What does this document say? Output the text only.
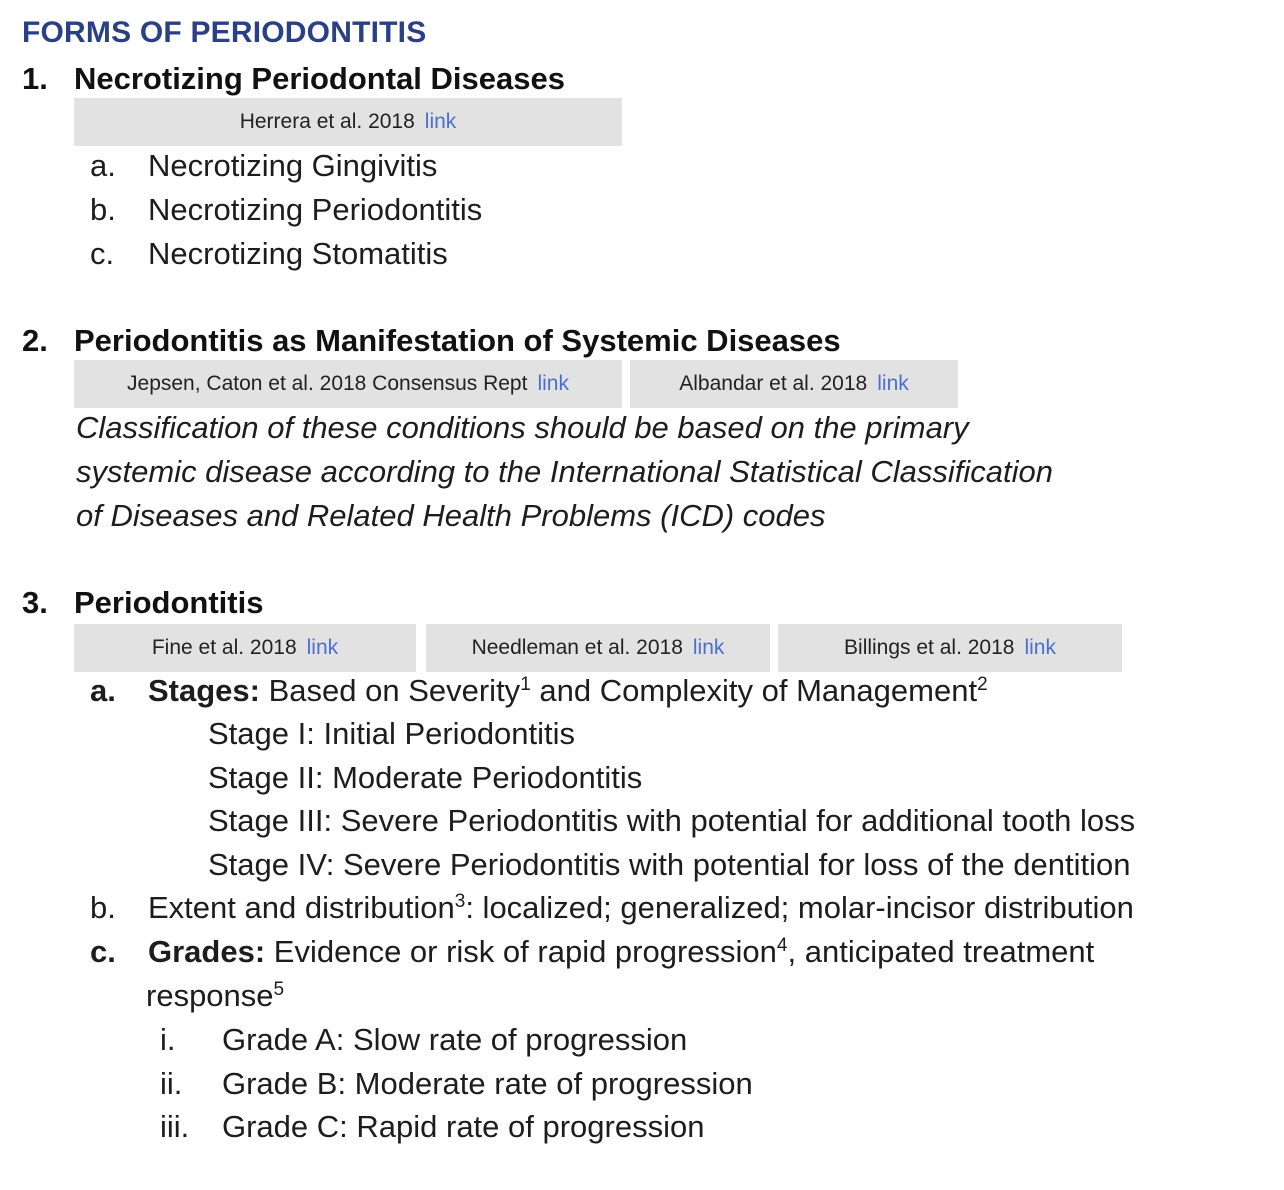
FORMS OF PERIODONTITIS
1. Necrotizing Periodontal Diseases
Herrera et al. 2018 link
a. Necrotizing Gingivitis
b. Necrotizing Periodontitis
c. Necrotizing Stomatitis
2. Periodontitis as Manifestation of Systemic Diseases
Jepsen, Caton et al. 2018 Consensus Rept link	Albandar et al. 2018 link
Classification of these conditions should be based on the primary
systemic disease according to the International Statistical Classification
of Diseases and Related Health Problems (ICD) codes
3. Periodontitis
Fine et al. 2018 link	Needleman et al. 2018 link	Billings et al. 2018 link
a. Stages: Based on Severity$^1$ and Complexity of Management$^2$
Stage I: Initial Periodontitis
Stage II: Moderate Periodontitis
Stage III: Severe Periodontitis with potential for additional tooth loss
Stage IV: Severe Periodontitis with potential for loss of the dentition
b. Extent and distribution$^3$: localized; generalized; molar-incisor distribution
c. Grades: Evidence or risk of rapid progression$^4$, anticipated treatment
response$^5$
i. Grade A: Slow rate of progression
ii. Grade B: Moderate rate of progression
iii. Grade C: Rapid rate of progression
